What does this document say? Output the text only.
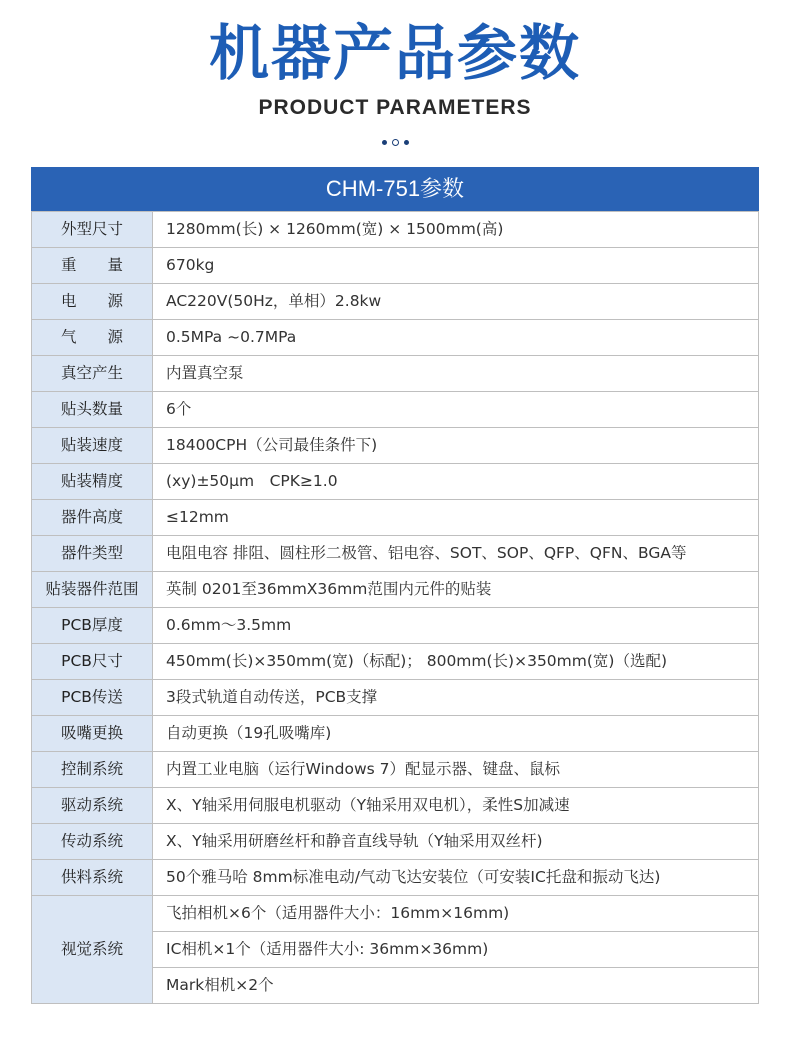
机器产品参数
PRODUCT PARAMETERS
CHM-751参数
外型尺寸	1280mm(长) × 1260mm(宽) × 1500mm(高)
重　　量	670kg
电　　源	AC220V(50Hz，单相）2.8kw
气　　源	0.5MPa ~0.7MPa
真空产生	内置真空泵
贴头数量	6个
贴装速度	18400CPH（公司最佳条件下)
贴装精度	(xy)±50μm　CPK≥1.0
器件高度	≤12mm
器件类型	电阻电容 排阻、圆柱形二极管、铝电容、SOT、SOP、QFP、QFN、BGA等
贴装器件范围	英制 0201至36mmX36mm范围内元件的贴装
PCB厚度	0.6mm～3.5mm
PCB尺寸	450mm(长)×350mm(宽)（标配)； 800mm(长)×350mm(宽)（选配)
PCB传送	3段式轨道自动传送，PCB支撑
吸嘴更换	自动更换（19孔吸嘴库)
控制系统	内置工业电脑（运行Windows 7）配显示器、键盘、鼠标
驱动系统	X、Y轴采用伺服电机驱动（Y轴采用双电机），柔性S加减速
传动系统	X、Y轴采用研磨丝杆和静音直线导轨（Y轴采用双丝杆)
供料系统	50个雅马哈 8mm标准电动/气动飞达安装位（可安装IC托盘和振动飞达)
视觉系统	飞拍相机×6个（适用器件大小：16mm×16mm)
	IC相机×1个（适用器件大小: 36mm×36mm)
	Mark相机×2个
